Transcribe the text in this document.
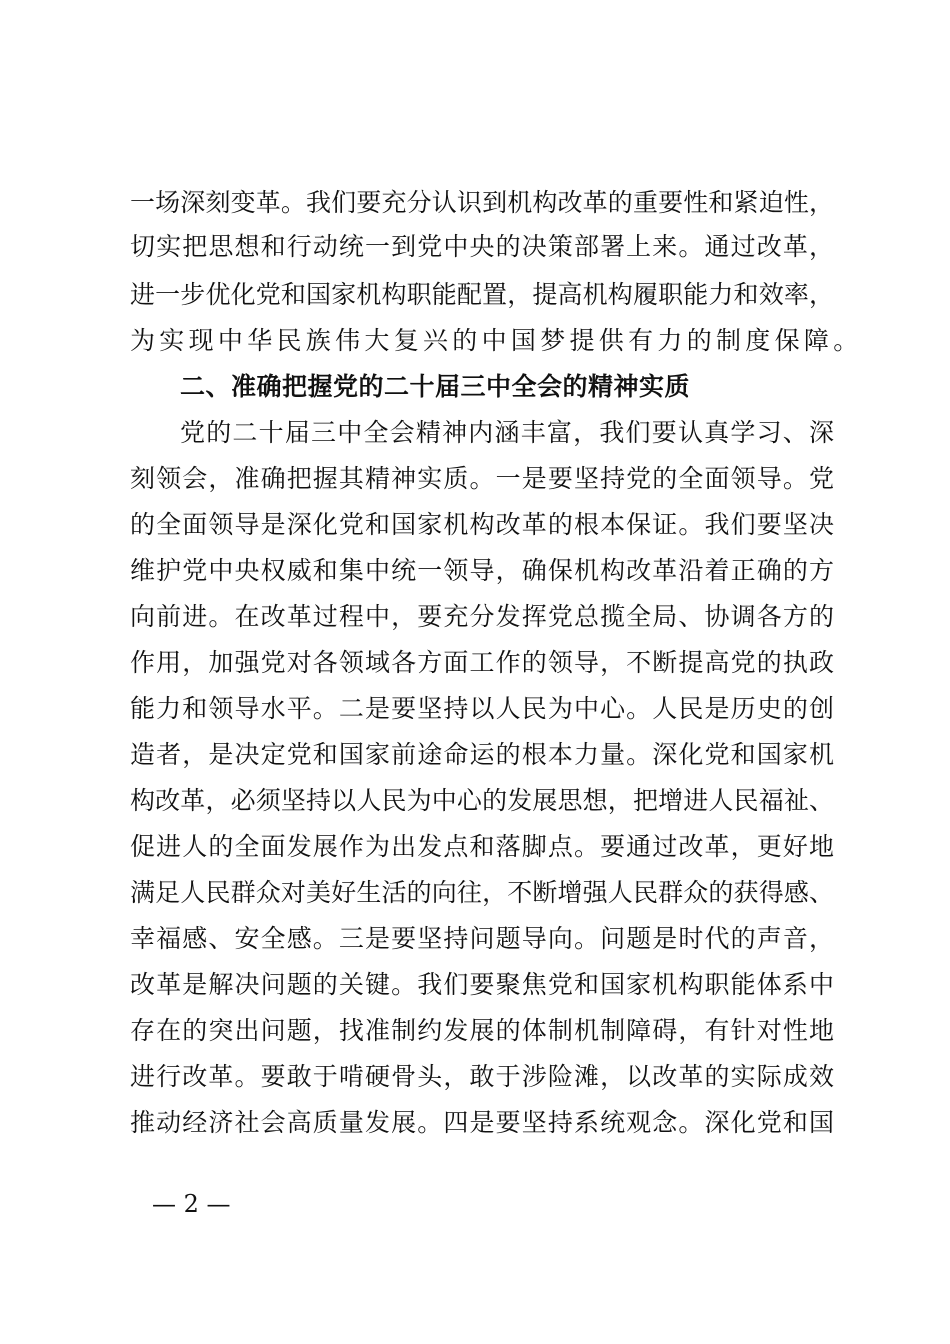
一场深刻变革。我们要充分认识到机构改革的重要性和紧迫性，
切实把思想和行动统一到党中央的决策部署上来。通过改革，
进一步优化党和国家机构职能配置，提高机构履职能力和效率，
为实现中华民族伟大复兴的中国梦提供有力的制度保障。
二、准确把握党的二十届三中全会的精神实质
党的二十届三中全会精神内涵丰富，我们要认真学习、深
刻领会，准确把握其精神实质。一是要坚持党的全面领导。党
的全面领导是深化党和国家机构改革的根本保证。我们要坚决
维护党中央权威和集中统一领导，确保机构改革沿着正确的方
向前进。在改革过程中，要充分发挥党总揽全局、协调各方的
作用，加强党对各领域各方面工作的领导，不断提高党的执政
能力和领导水平。二是要坚持以人民为中心。人民是历史的创
造者，是决定党和国家前途命运的根本力量。深化党和国家机
构改革，必须坚持以人民为中心的发展思想，把增进人民福祉、
促进人的全面发展作为出发点和落脚点。要通过改革，更好地
满足人民群众对美好生活的向往，不断增强人民群众的获得感、
幸福感、安全感。三是要坚持问题导向。问题是时代的声音，
改革是解决问题的关键。我们要聚焦党和国家机构职能体系中
存在的突出问题，找准制约发展的体制机制障碍，有针对性地
进行改革。要敢于啃硬骨头，敢于涉险滩，以改革的实际成效
推动经济社会高质量发展。四是要坚持系统观念。深化党和国
— 2 —
